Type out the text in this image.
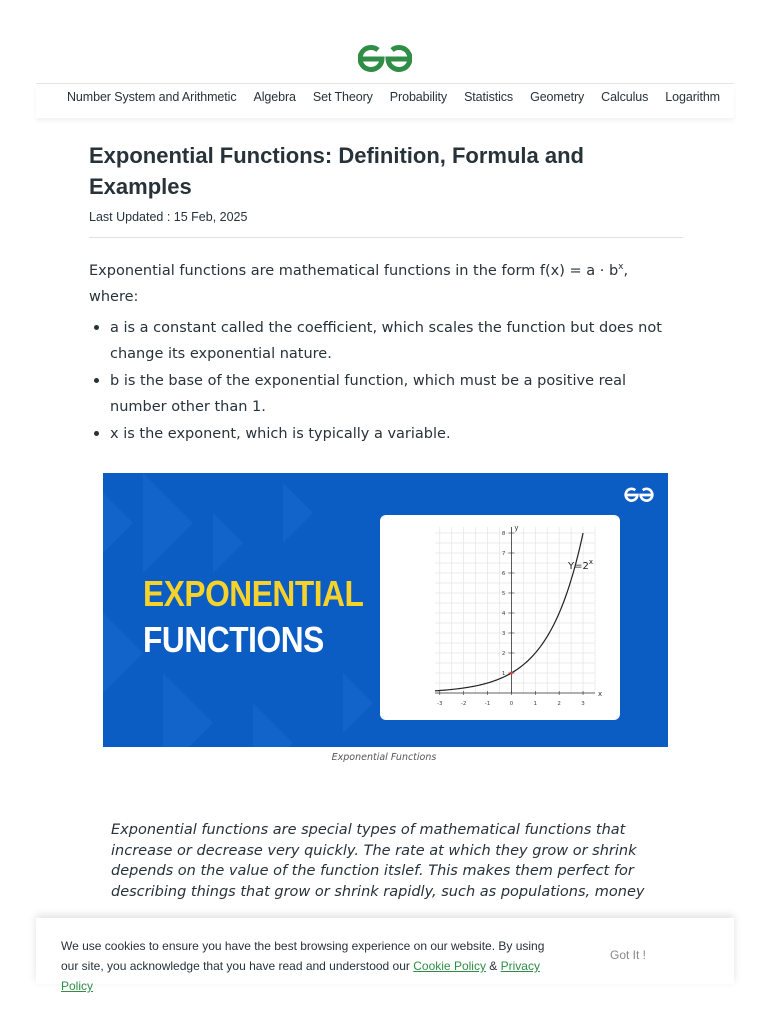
Number System and Arithmetic Algebra Set Theory Probability Statistics Geometry Calculus Logarithm
Exponential Functions: Definition, Formula and Examples
Last Updated : 15 Feb, 2025

Exponential functions are mathematical functions in the form $f(x) = a \cdot b^x$, where:

a is a constant called the coefficient, which scales the function but does not change its exponential nature.
b is the base of the exponential function, which must be a positive real number other than 1.
x is the exponent, which is typically a variable.
EXPONENTIAL
FUNCTIONS
x
y
-3	-2	-1	0	1	2	3
1
2
3
4
5
6
7
8
$Y=2^x$
Exponential Functions

Exponential functions are special types of mathematical functions that increase or decrease very quickly. The rate at which they grow or shrink depends on the value of the function itslef. This makes them perfect for describing things that grow or shrink rapidly, such as populations, money

We use cookies to ensure you have the best browsing experience on our website. By using our site, you acknowledge that you have read and understood our Cookie Policy & Privacy Policy

Got It !
